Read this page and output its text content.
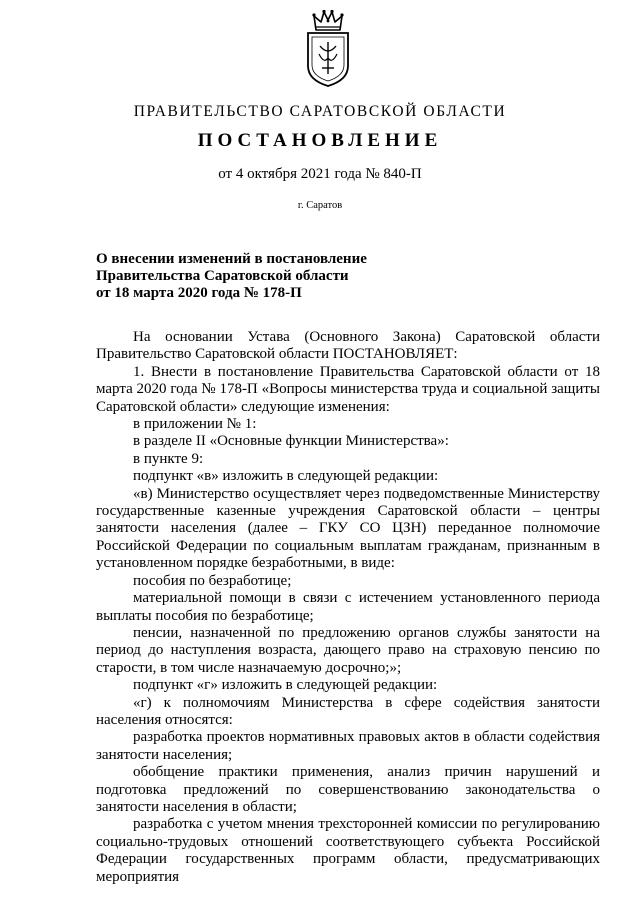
ПРАВИТЕЛЬСТВО САРАТОВСКОЙ ОБЛАСТИ
ПОСТАНОВЛЕНИЕ
от 4 октября 2021 года № 840-П
г. Саратов
О внесении изменений в постановление
Правительства Саратовской области
от 18 марта 2020 года № 178-П

На основании Устава (Основного Закона) Саратовской области Правительство Саратовской области ПОСТАНОВЛЯЕТ:

1. Внести в постановление Правительства Саратовской области от 18 марта 2020 года № 178-П «Вопросы министерства труда и социальной защиты Саратовской области» следующие изменения:

в приложении № 1:

в разделе II «Основные функции Министерства»:

в пункте 9:

подпункт «в» изложить в следующей редакции:

«в) Министерство осуществляет через подведомственные Министерству государственные казенные учреждения Саратовской области – центры занятости населения (далее – ГКУ СО ЦЗН) переданное полномочие Российской Федерации по социальным выплатам гражданам, признанным в установленном порядке безработными, в виде:

пособия по безработице;

материальной помощи в связи с истечением установленного периода выплаты пособия по безработице;

пенсии, назначенной по предложению органов службы занятости на период до наступления возраста, дающего право на страховую пенсию по старости, в том числе назначаемую досрочно;»;

подпункт «г» изложить в следующей редакции:

«г) к полномочиям Министерства в сфере содействия занятости населения относятся:

разработка проектов нормативных правовых актов в области содействия занятости населения;

обобщение практики применения, анализ причин нарушений и подготовка предложений по совершенствованию законодательства о занятости населения в области;

разработка с учетом мнения трехсторонней комиссии по регулированию социально-трудовых отношений соответствующего субъекта Российской Федерации государственных программ области, предусматривающих мероприятия
